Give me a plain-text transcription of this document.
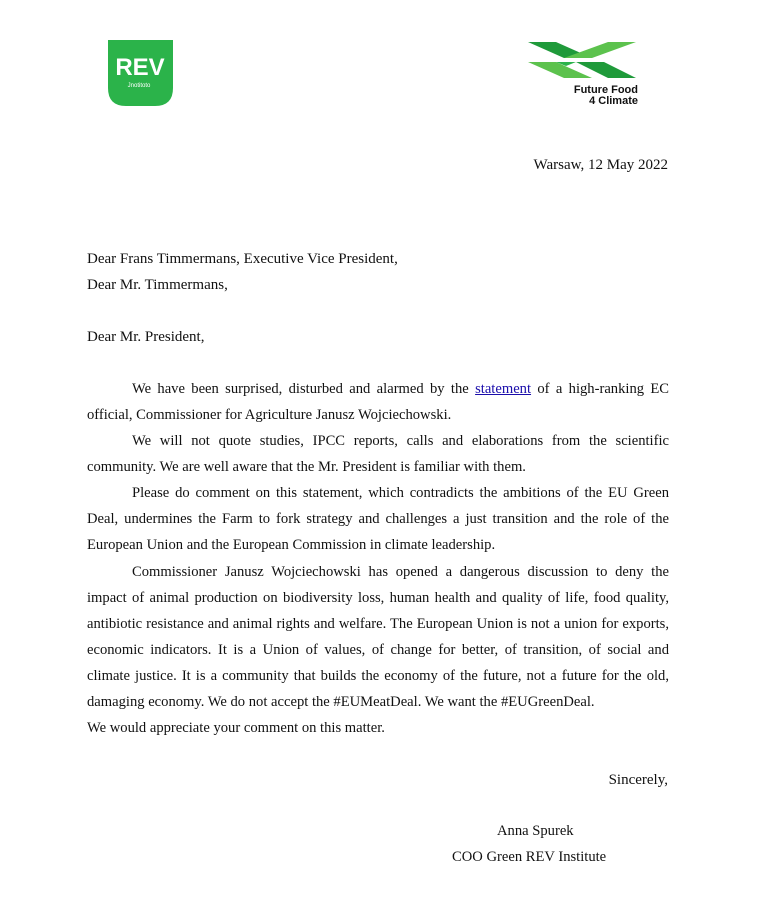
REV
Jnotitoto	Future Food
4 Climate
Warsaw, 12 May 2022
Dear Frans Timmermans, Executive Vice President,
Dear Mr. Timmermans,
Dear Mr. President,

We have been surprised, disturbed and alarmed by the statement of a high-ranking EC official, Commissioner for Agriculture Janusz Wojciechowski.

We will not quote studies, IPCC reports, calls and elaborations from the scientific community. We are well aware that the Mr. President is familiar with them.

Please do comment on this statement, which contradicts the ambitions of the EU Green Deal, undermines the Farm to fork strategy and challenges a just transition and the role of the European Union and the European Commission in climate leadership.

Commissioner Janusz Wojciechowski has opened a dangerous discussion to deny the impact of animal production on biodiversity loss, human health and quality of life, food quality, antibiotic resistance and animal rights and welfare. The European Union is not a union for exports, economic indicators. It is a Union of values, of change for better, of transition, of social and climate justice. It is a community that builds the economy of the future, not a future for the old, damaging economy. We do not accept the #EUMeatDeal. We want the #EUGreenDeal.

We would appreciate your comment on this matter.

Sincerely,
Anna Spurek
COO Green REV Institute
